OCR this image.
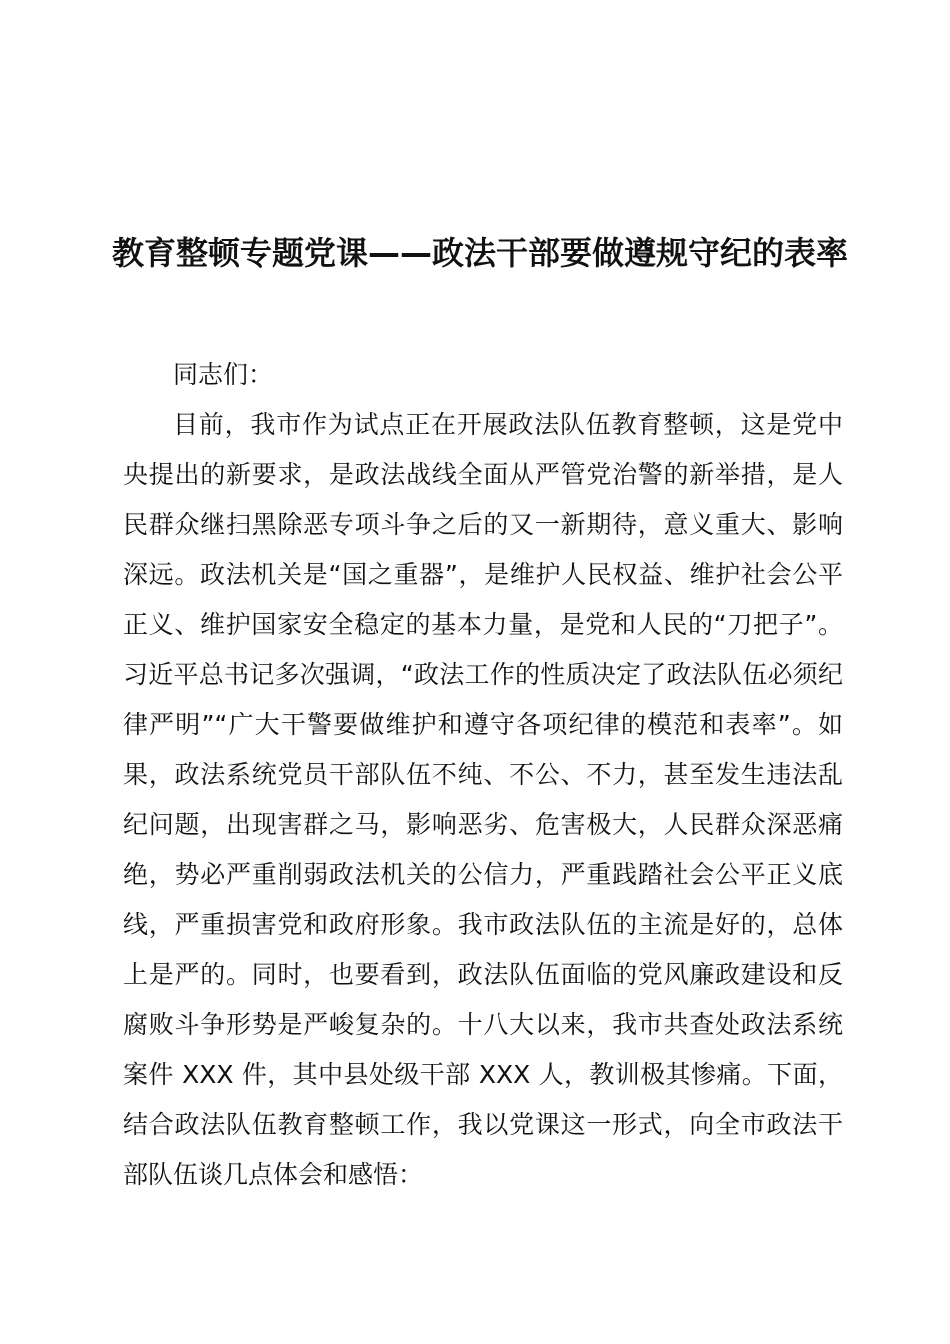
教育整顿专题党课——政法干部要做遵规守纪的表率

同志们：

目前，我市作为试点正在开展政法队伍教育整顿，这是党中央提出的新要求，是政法战线全面从严管党治警的新举措，是人民群众继扫黑除恶专项斗争之后的又一新期待，意义重大、影响深远。政法机关是“国之重器”，是维护人民权益、维护社会公平正义、维护国家安全稳定的基本力量，是党和人民的“刀把子”。习近平总书记多次强调，“政法工作的性质决定了政法队伍必须纪律严明”“广大干警要做维护和遵守各项纪律的模范和表率”。如果，政法系统党员干部队伍不纯、不公、不力，甚至发生违法乱纪问题，出现害群之马，影响恶劣、危害极大，人民群众深恶痛绝，势必严重削弱政法机关的公信力，严重践踏社会公平正义底线，严重损害党和政府形象。我市政法队伍的主流是好的，总体上是严的。同时，也要看到，政法队伍面临的党风廉政建设和反腐败斗争形势是严峻复杂的。十八大以来，我市共查处政法系统案件 XXX 件，其中县处级干部 XXX 人，教训极其惨痛。下面，结合政法队伍教育整顿工作，我以党课这一形式，向全市政法干部队伍谈几点体会和感悟：
